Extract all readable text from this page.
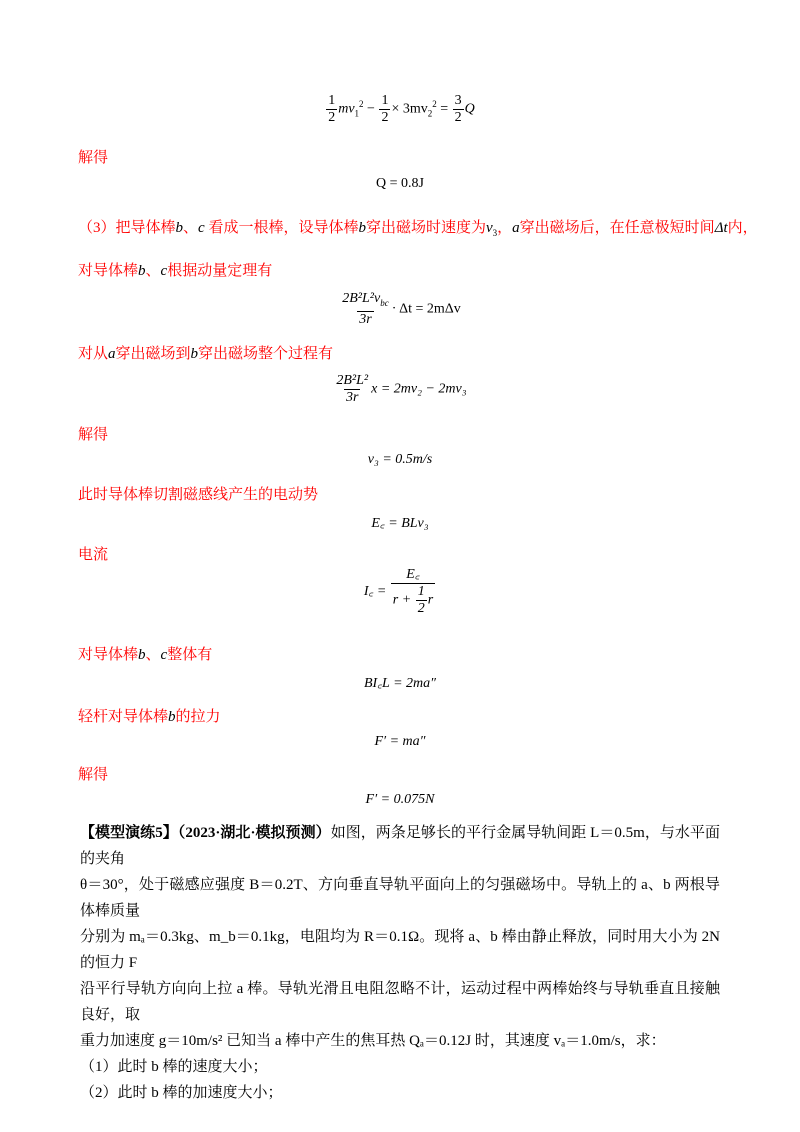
$\frac{1}{2} mv_1^2 - \frac{1}{2} \times 3mv_2^2 = \frac{3}{2}$ Q
解得
Q = 0.8J
（3）把导体棒b、c 看成一根棒，设导体棒b穿出磁场时速度为$v_3$，a穿出磁场后，在任意极短时间Δt内，
对导体棒b、c根据动量定理有
$\frac{2B^2L^2v_{bc}}{3r} \cdot \Delta t = 2m\Delta v$
对从a穿出磁场到b穿出磁场整个过程有
$\frac{\text{2B²L²}}{3r}$ x = 2mv₂ − 2mv₃
解得
v₃ = 0.5m/s
此时导体棒切割磁感线产生的电动势
E꜀ = BLv₃
电流
I꜀ = $\frac{E꜀}{r + \frac{1}{2} r}$
对导体棒b、c整体有
BI꜀L = 2ma″
轻杆对导体棒b的拉力
F′ = ma″
解得
F′ = 0.075N
【模型演练5】（2023·湖北·模拟预测）如图，两条足够长的平行金属导轨间距 L＝0.5m，与水平面的夹角
θ＝30°，处于磁感应强度 B＝0.2T、方向垂直导轨平面向上的匀强磁场中。导轨上的 a、b 两根导体棒质量
分别为 mₐ＝0.3kg、m_b＝0.1kg，电阻均为 R＝0.1Ω。现将 a、b 棒由静止释放，同时用大小为 2N 的恒力 F
沿平行导轨方向向上拉 a 棒。导轨光滑且电阻忽略不计，运动过程中两棒始终与导轨垂直且接触良好，取
重力加速度 g＝10m/s² 已知当 a 棒中产生的焦耳热 Qₐ＝0.12J 时，其速度 vₐ＝1.0m/s，求：
（1）此时 b 棒的速度大小；
（2）此时 b 棒的加速度大小；
